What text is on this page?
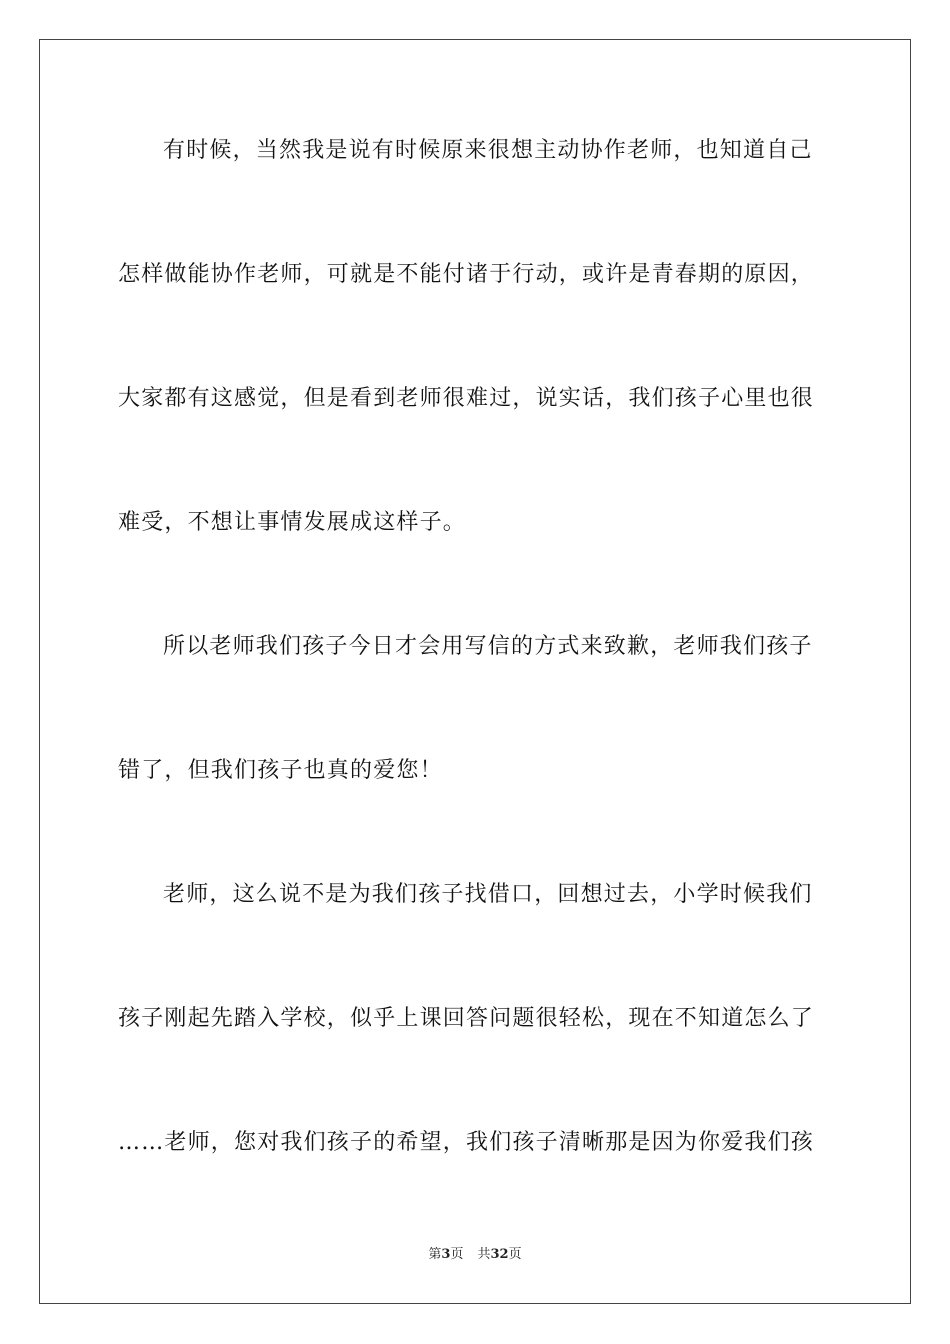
有时候，当然我是说有时候原来很想主动协作老师，也知道自己
怎样做能协作老师，可就是不能付诸于行动，或许是青春期的原因，
大家都有这感觉，但是看到老师很难过，说实话，我们孩子心里也很
难受，不想让事情发展成这样子。
所以老师我们孩子今日才会用写信的方式来致歉，老师我们孩子
错了，但我们孩子也真的爱您！
老师，这么说不是为我们孩子找借口，回想过去，小学时候我们
孩子刚起先踏入学校，似乎上课回答问题很轻松，现在不知道怎么了
……老师，您对我们孩子的希望，我们孩子清晰那是因为你爱我们孩
第3页 共32页
